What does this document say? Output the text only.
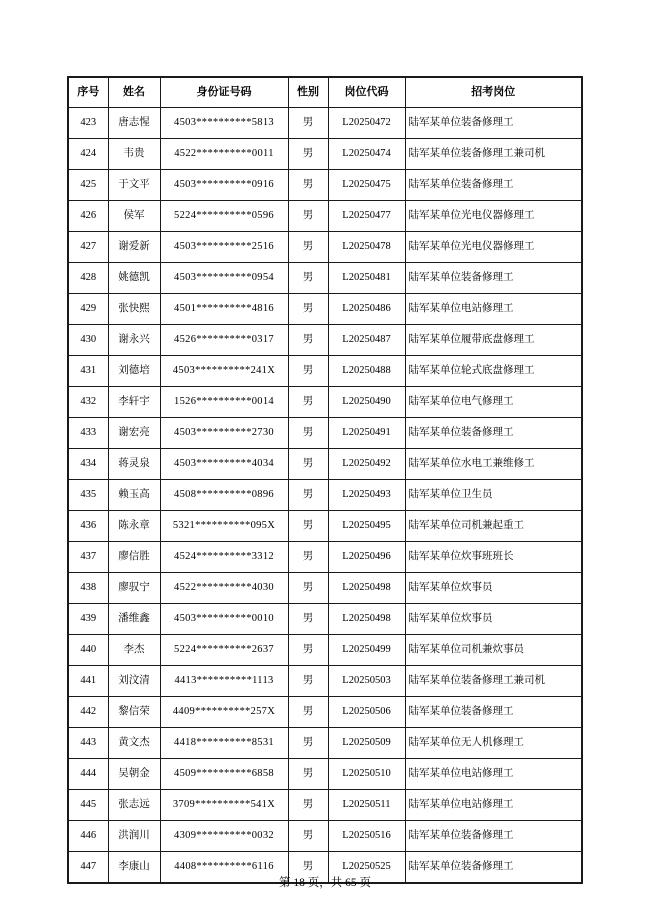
序号	姓名	身份证号码	性别	岗位代码	招考岗位
423	唐志惺	4503**********5813	男	L20250472	陆军某单位装备修理工
424	韦贵	4522**********0011	男	L20250474	陆军某单位装备修理工兼司机
425	于文平	4503**********0916	男	L20250475	陆军某单位装备修理工
426	侯军	5224**********0596	男	L20250477	陆军某单位光电仪器修理工
427	谢爱新	4503**********2516	男	L20250478	陆军某单位光电仪器修理工
428	姚德凯	4503**********0954	男	L20250481	陆军某单位装备修理工
429	张快熙	4501**********4816	男	L20250486	陆军某单位电站修理工
430	谢永兴	4526**********0317	男	L20250487	陆军某单位履带底盘修理工
431	刘德培	4503**********241X	男	L20250488	陆军某单位轮式底盘修理工
432	李轩宇	1526**********0014	男	L20250490	陆军某单位电气修理工
433	谢宏亮	4503**********2730	男	L20250491	陆军某单位装备修理工
434	蒋灵泉	4503**********4034	男	L20250492	陆军某单位水电工兼维修工
435	赖玉高	4508**********0896	男	L20250493	陆军某单位卫生员
436	陈永章	5321**********095X	男	L20250495	陆军某单位司机兼起重工
437	廖信胜	4524**********3312	男	L20250496	陆军某单位炊事班班长
438	廖驭宁	4522**********4030	男	L20250498	陆军某单位炊事员
439	潘维鑫	4503**********0010	男	L20250498	陆军某单位炊事员
440	李杰	5224**********2637	男	L20250499	陆军某单位司机兼炊事员
441	刘汶清	4413**********1113	男	L20250503	陆军某单位装备修理工兼司机
442	黎信荣	4409**********257X	男	L20250506	陆军某单位装备修理工
443	黄文杰	4418**********8531	男	L20250509	陆军某单位无人机修理工
444	吴朝金	4509**********6858	男	L20250510	陆军某单位电站修理工
445	张志远	3709**********541X	男	L20250511	陆军某单位电站修理工
446	洪润川	4309**********0032	男	L20250516	陆军某单位装备修理工
447	李康山	4408**********6116	男	L20250525	陆军某单位装备修理工
第 18 页，共 65 页
